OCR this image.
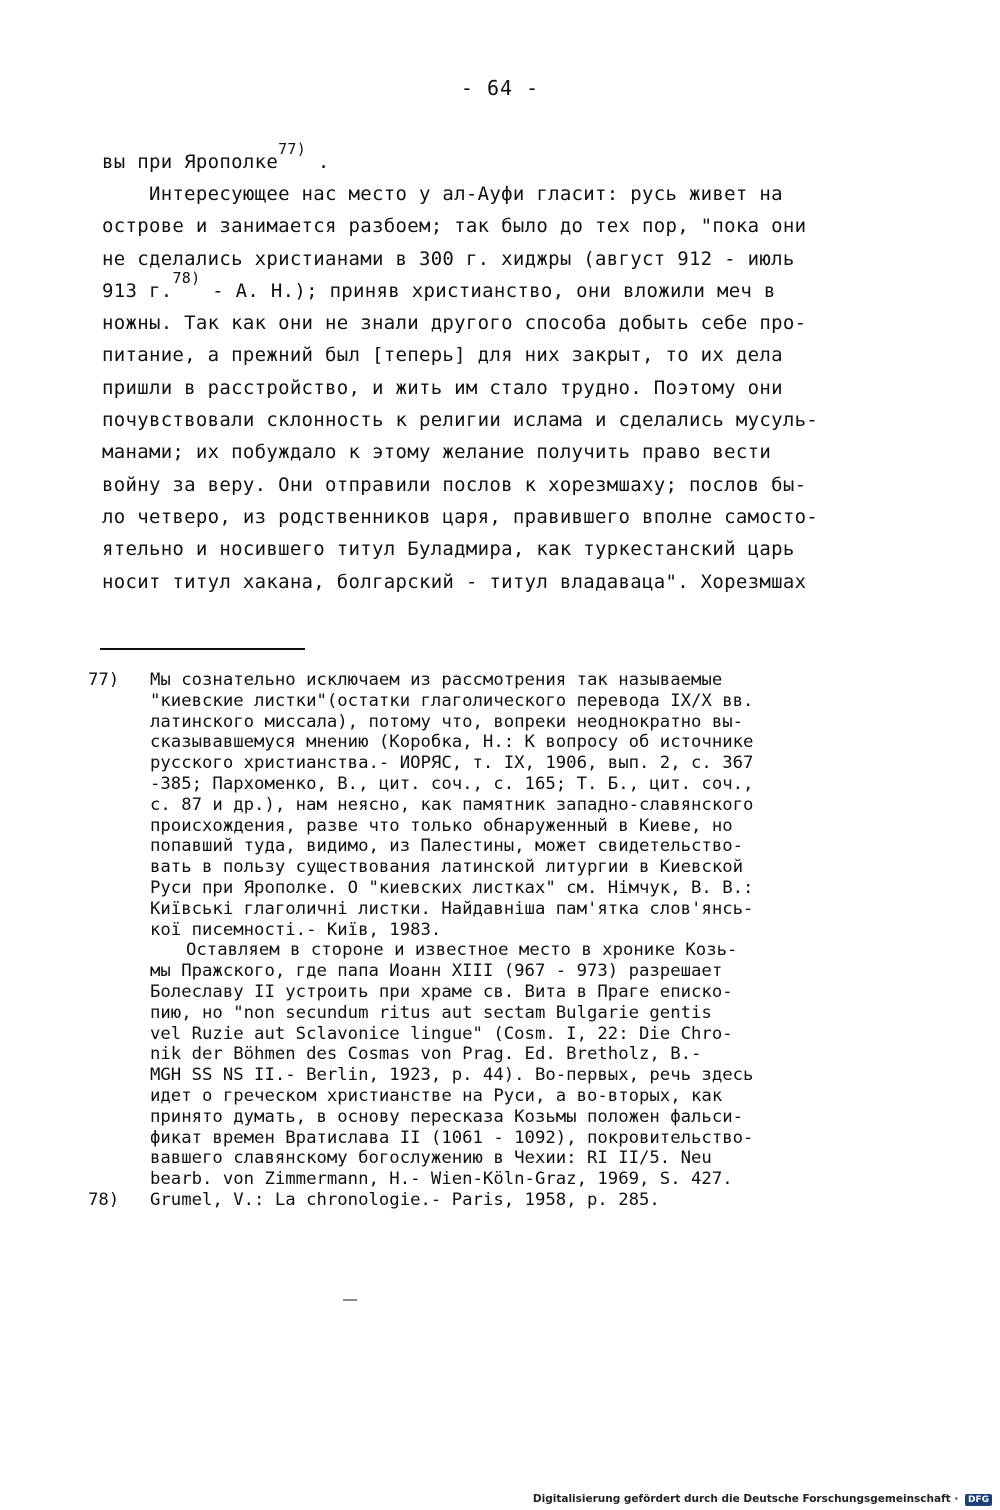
- 64 -
вы при Ярополке$^{77)}$ .
Интересующее нас место у ал-Ауфи гласит: русь живет на
острове и занимается разбоем; так было до тех пор, "пока они
не сделались христианами в 300 г. хиджры (август 912 - июль
913 г.$^{78)}$ - А. Н.); приняв христианство, они вложили меч в
ножны. Так как они не знали другого способа добыть себе про-
питание, а прежний был [теперь] для них закрыт, то их дела
пришли в расстройство, и жить им стало трудно. Поэтому они
почувствовали склонность к религии ислама и сделались мусуль-
манами; их побуждало к этому желание получить право вести
войну за веру. Они отправили послов к хорезмшаху; послов бы-
ло четверо, из родственников царя, правившего вполне самосто-
ятельно и носившего титул Буладмира, как туркестанский царь
носит титул хакана, болгарский - титул владаваца". Хорезмшах
77) Мы сознательно исключаем из рассмотрения так называемые
"киевские листки"(остатки глаголического перевода IX/X вв.
латинского миссала), потому что, вопреки неоднократно вы-
сказывавшемуся мнению (Коробка, Н.: К вопросу об источнике
русского христианства.- ИОРЯС, т. IX, 1906, вып. 2, с. 367
-385; Пархоменко, В., цит. соч., с. 165; Т. Б., цит. соч.,
с. 87 и др.), нам неясно, как памятник западно-славянского
происхождения, разве что только обнаруженный в Киеве, но
попавший туда, видимо, из Палестины, может свидетельство-
вать в пользу существования латинской литургии в Киевской
Руси при Ярополке. О "киевских листках" см. Німчук, В. В.:
Київські глаголичні листки. Найдавніша пам'ятка слов'янсь-
кої писемності.- Київ, 1983.
Оставляем в стороне и известное место в хронике Козь-
мы Пражского, где папа Иоанн XIII (967 - 973) разрешает
Болеславу II устроить при храме св. Вита в Праге еписко-
пию, но "non secundum ritus aut sectam Bulgarie gentis
vel Ruzie aut Sclavonice lingue" (Cosm. I, 22: Die Chro-
nik der Böhmen des Cosmas von Prag. Ed. Bretholz, B.-
MGH SS NS II.- Berlin, 1923, p. 44). Во-первых, речь здесь
идет о греческом христианстве на Руси, а во-вторых, как
принято думать, в основу пересказа Козьмы положен фальси-
фикат времен Вратислава II (1061 - 1092), покровительство-
вавшего славянскому богослужению в Чехии: RI II/5. Neu
bearb. von Zimmermann, H.- Wien-Köln-Graz, 1969, S. 427.
78) Grumel, V.: La chronologie.- Paris, 1958, p. 285.
Digitalisierung gefördert durch die Deutsche Forschungsgemeinschaft · DFG
